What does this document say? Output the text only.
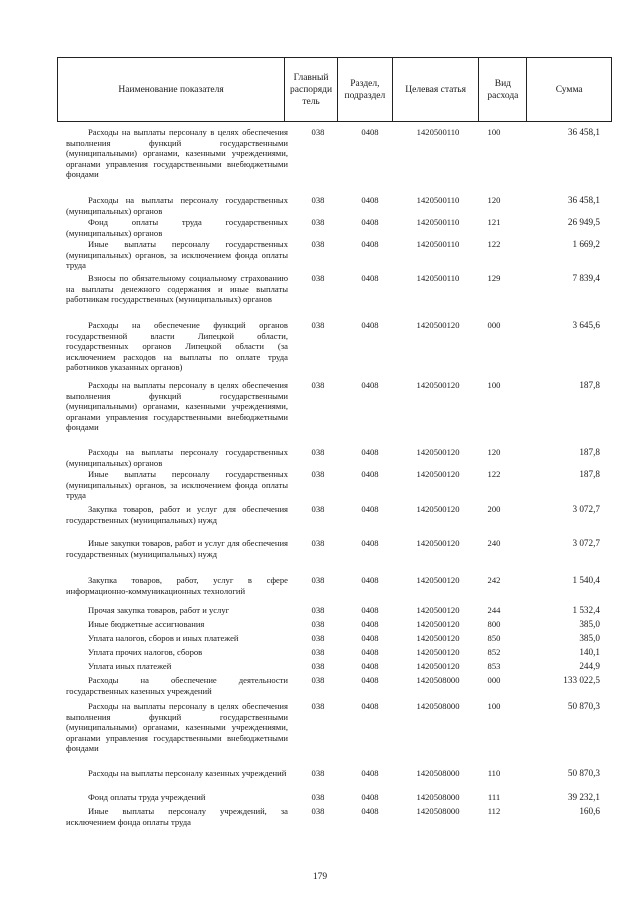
Наименование показателя
Главный распоряди тель
Раздел, подраздел
Целевая статья
Вид расхода
Сумма
Расходы на выплаты персоналу в целях обеспечения выполнения функций государственными (муниципальными) органами, казенными учреждениями, органами управления государственными внебюджетными фондами
038	0408	1420500110	100	36 458,1
Расходы на выплаты персоналу государственных (муниципальных) органов
038	0408	1420500110	120	36 458,1
Фонд оплаты труда государственных (муниципальных) органов
038	0408	1420500110	121	26 949,5
Иные выплаты персоналу государственных (муниципальных) органов, за исключением фонда оплаты труда
038	0408	1420500110	122	1 669,2
Взносы по обязательному социальному страхованию на выплаты денежного содержания и иные выплаты работникам государственных (муниципальных) органов
038	0408	1420500110	129	7 839,4
Расходы на обеспечение функций органов государственной власти Липецкой области, государственных органов Липецкой области (за исключением расходов на выплаты по оплате труда работников указанных органов)
038	0408	1420500120	000	3 645,6
Расходы на выплаты персоналу в целях обеспечения выполнения функций государственными (муниципальными) органами, казенными учреждениями, органами управления государственными внебюджетными фондами
038	0408	1420500120	100	187,8
Расходы на выплаты персоналу государственных (муниципальных) органов
038	0408	1420500120	120	187,8
Иные выплаты персоналу государственных (муниципальных) органов, за исключением фонда оплаты труда
038	0408	1420500120	122	187,8
Закупка товаров, работ и услуг для обеспечения государственных (муниципальных) нужд
038	0408	1420500120	200	3 072,7
Иные закупки товаров, работ и услуг для обеспечения государственных (муниципальных) нужд
038	0408	1420500120	240	3 072,7
Закупка товаров, работ, услуг в сфере информационно-коммуникационных технологий
038	0408	1420500120	242	1 540,4
Прочая закупка товаров, работ и услуг	038	0408	1420500120	244	1 532,4
Иные бюджетные ассигнования	038	0408	1420500120	800	385,0
Уплата налогов, сборов и иных платежей	038	0408	1420500120	850	385,0
Уплата прочих налогов, сборов	038	0408	1420500120	852	140,1
Уплата иных платежей	038	0408	1420500120	853	244,9
Расходы на обеспечение деятельности государственных казенных учреждений
038	0408	1420508000	000	133 022,5
Расходы на выплаты персоналу в целях обеспечения выполнения функций государственными (муниципальными) органами, казенными учреждениями, органами управления государственными внебюджетными фондами
038	0408	1420508000	100	50 870,3
Расходы на выплаты персоналу казенных учреждений	038	0408	1420508000	110	50 870,3
Фонд оплаты труда учреждений	038	0408	1420508000	111	39 232,1
Иные выплаты персоналу учреждений, за исключением фонда оплаты труда
038	0408	1420508000	112	160,6
179
